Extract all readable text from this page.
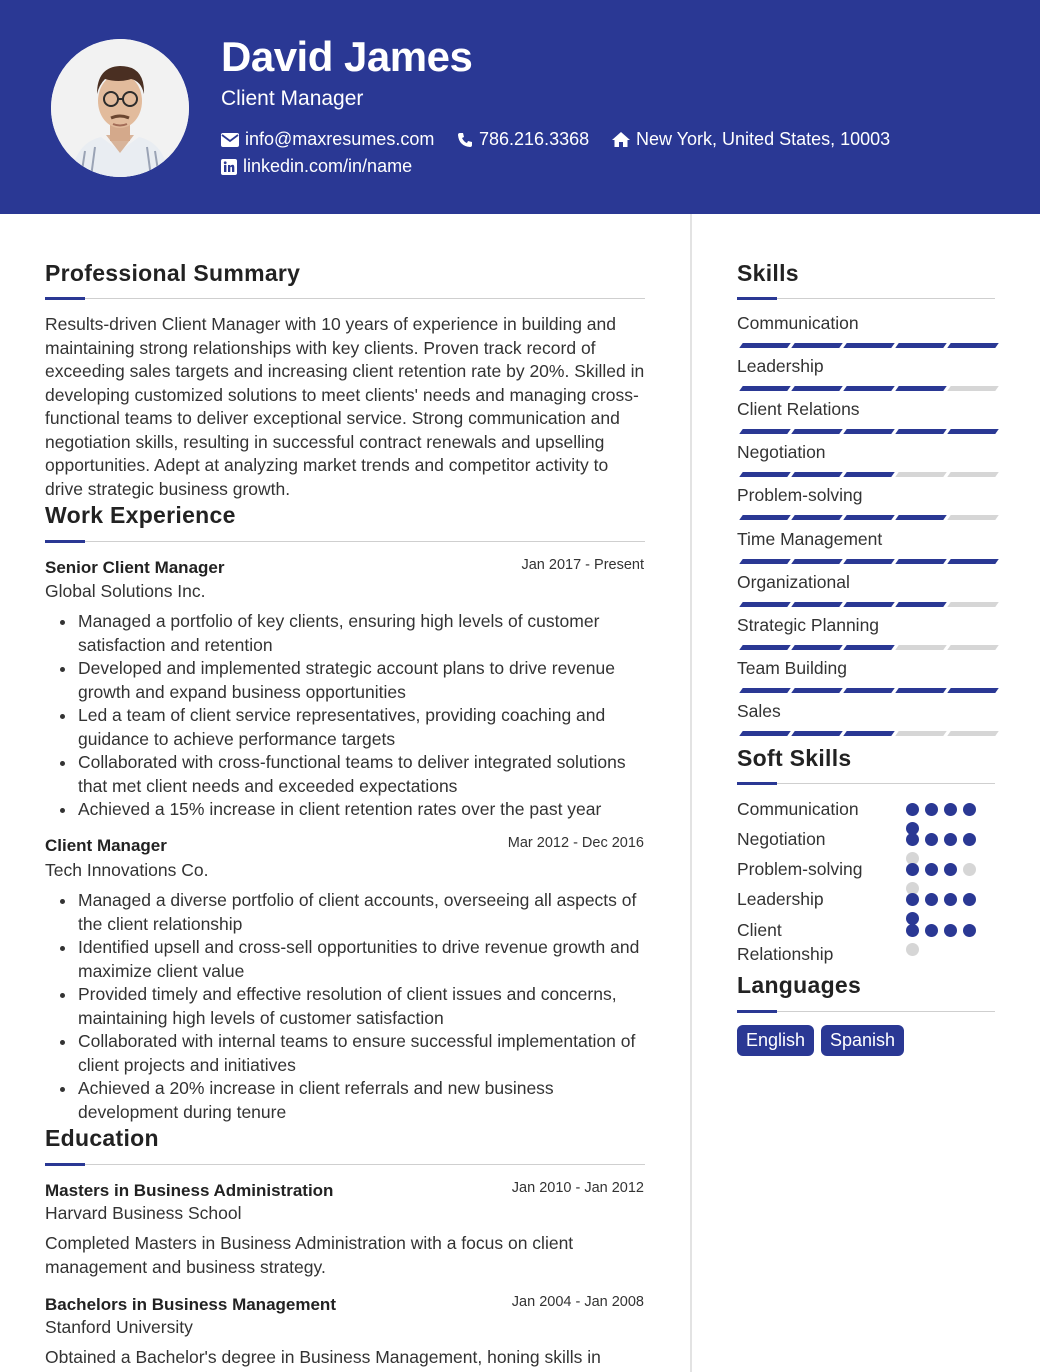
David James
Client Manager
info@maxresumes.com 786.216.3368	New York, United States, 10003
linkedin.com/in/name
Professional Summary
Results-driven Client Manager with 10 years of experience in building and maintaining strong relationships with key clients. Proven track record of exceeding sales targets and increasing client retention rate by 20%. Skilled in developing customized solutions to meet clients' needs and managing cross-functional teams to deliver exceptional service. Strong communication and negotiation skills, resulting in successful contract renewals and upselling opportunities. Adept at analyzing market trends and competitor activity to drive strategic business growth.
Work Experience
Senior Client Manager	Jan 2017 - Present
Global Solutions Inc.
Managed a portfolio of key clients, ensuring high levels of customer satisfaction and retention
Developed and implemented strategic account plans to drive revenue growth and expand business opportunities
Led a team of client service representatives, providing coaching and guidance to achieve performance targets
Collaborated with cross-functional teams to deliver integrated solutions that met client needs and exceeded expectations
Achieved a 15% increase in client retention rates over the past year
Client Manager	Mar 2012 - Dec 2016
Tech Innovations Co.
Managed a diverse portfolio of client accounts, overseeing all aspects of the client relationship
Identified upsell and cross-sell opportunities to drive revenue growth and maximize client value
Provided timely and effective resolution of client issues and concerns, maintaining high levels of customer satisfaction
Collaborated with internal teams to ensure successful implementation of client projects and initiatives
Achieved a 20% increase in client referrals and new business development during tenure
Education
Masters in Business Administration	Jan 2010 - Jan 2012
Harvard Business School
Completed Masters in Business Administration with a focus on client management and business strategy.
Bachelors in Business Management	Jan 2004 - Jan 2008
Stanford University
Obtained a Bachelor's degree in Business Management, honing skills in
Skills
Communication
Leadership
Client Relations
Negotiation
Problem-solving
Time Management
Organizational
Strategic Planning
Team Building
Sales
Soft Skills
Communication
Negotiation
Problem-solving
Leadership
Client Relationship
Languages
English	Spanish
